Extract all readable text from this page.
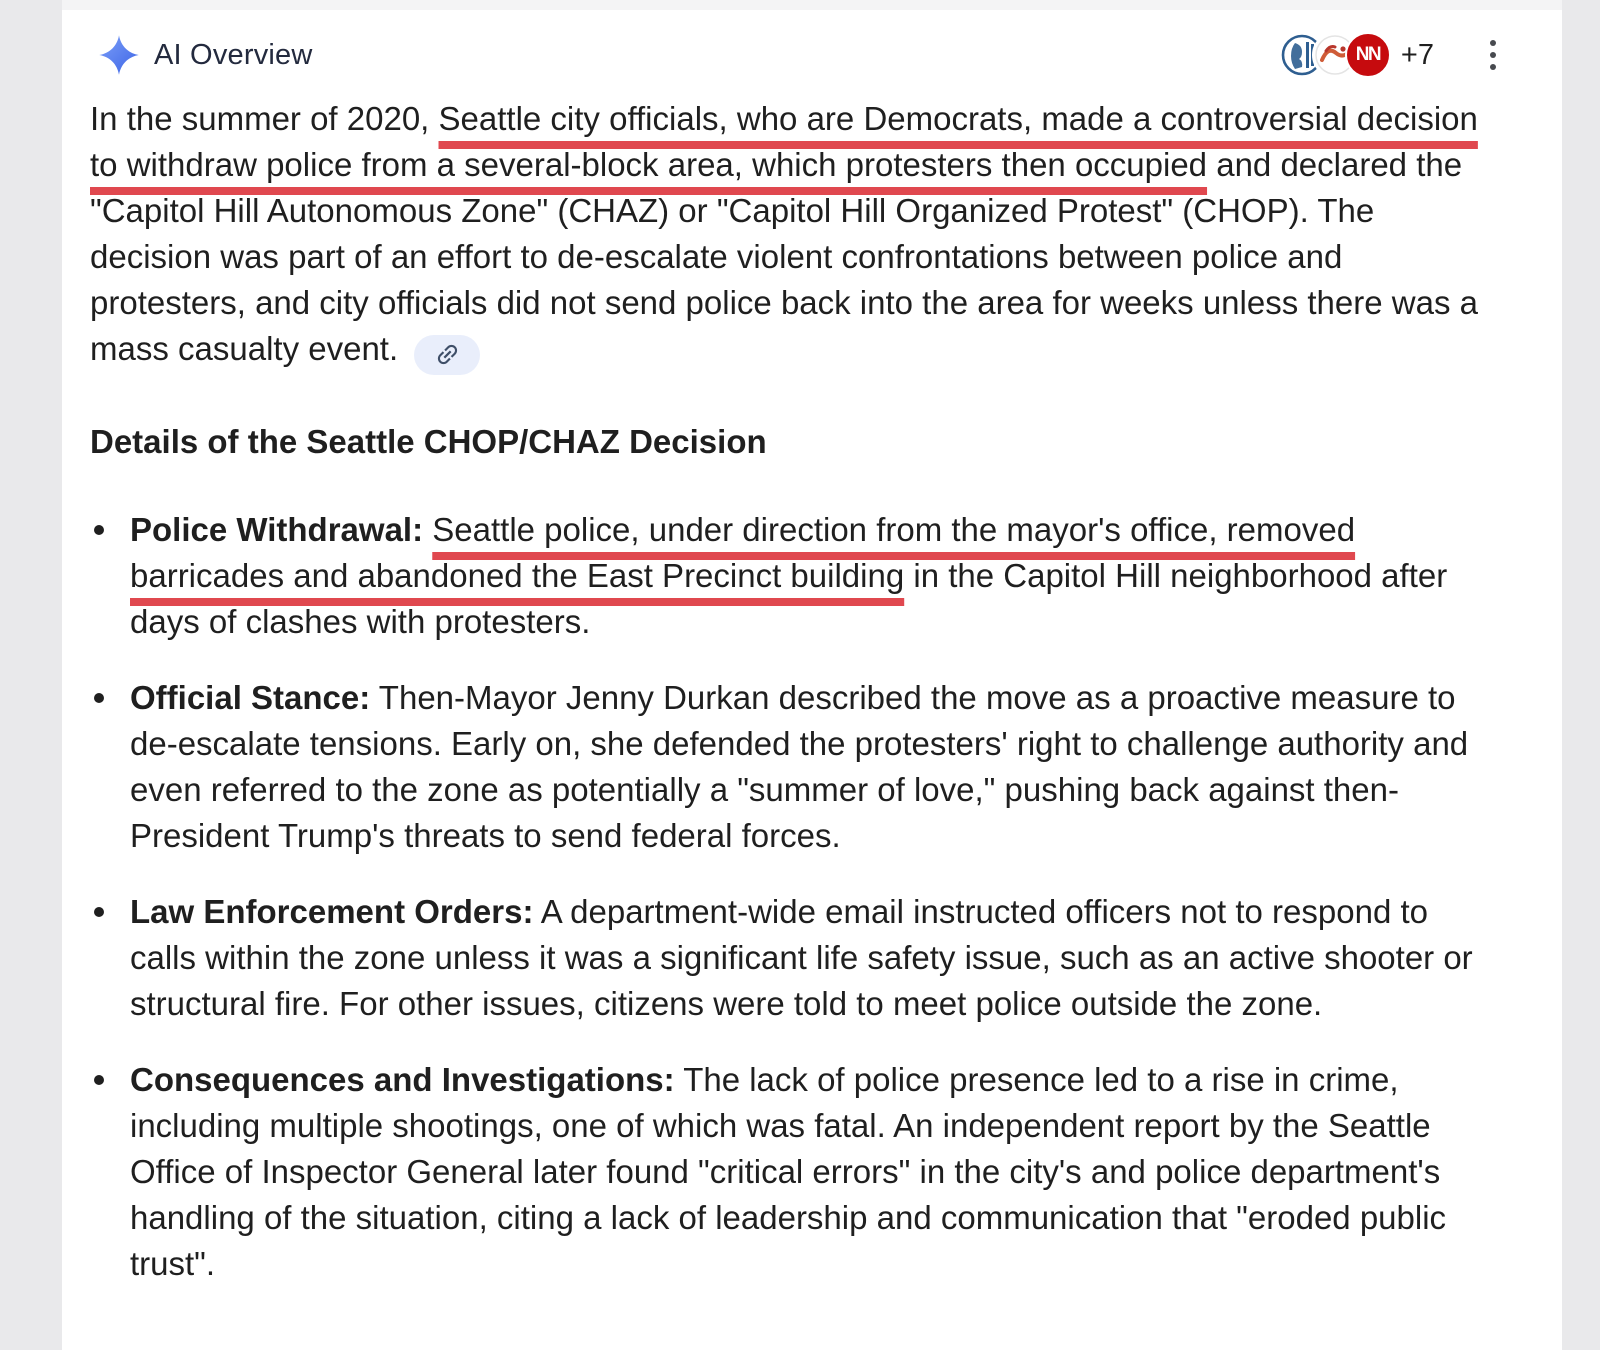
AI Overview	NN +7

In the summer of 2020, Seattle city officials, who are Democrats, made a controversial decision to withdraw police from a several-block area, which protesters then occupied and declared the "Capitol Hill Autonomous Zone" (CHAZ) or "Capitol Hill Organized Protest" (CHOP). The decision was part of an effort to de-escalate violent confrontations between police and protesters, and city officials did not send police back into the area for weeks unless there was a mass casualty event.

Details of the Seattle CHOP/CHAZ Decision
Police Withdrawal: Seattle police, under direction from the mayor's office, removed barricades and abandoned the East Precinct building in the Capitol Hill neighborhood after days of clashes with protesters.
Official Stance: Then-Mayor Jenny Durkan described the move as a proactive measure to de-escalate tensions. Early on, she defended the protesters' right to challenge authority and even referred to the zone as potentially a "summer of love," pushing back against then-President Trump's threats to send federal forces.
Law Enforcement Orders: A department-wide email instructed officers not to respond to calls within the zone unless it was a significant life safety issue, such as an active shooter or structural fire. For other issues, citizens were told to meet police outside the zone.
Consequences and Investigations: The lack of police presence led to a rise in crime, including multiple shootings, one of which was fatal. An independent report by the Seattle Office of Inspector General later found "critical errors" in the city's and police department's handling of the situation, citing a lack of leadership and communication that "eroded public trust".
